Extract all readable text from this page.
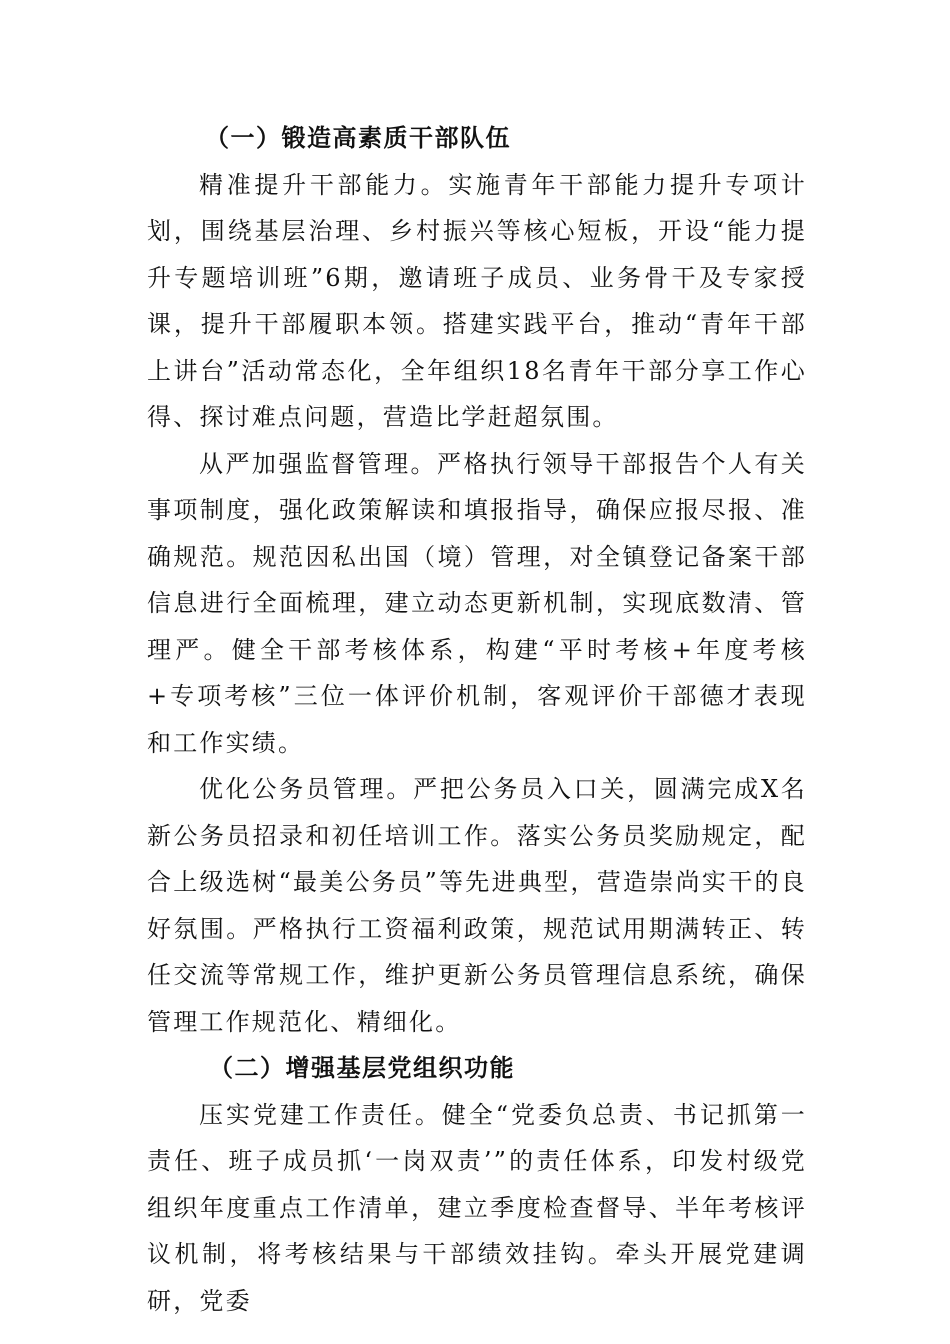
（一）锻造高素质干部队伍

精准提升干部能力。实施青年干部能力提升专项计划，围绕基层治理、乡村振兴等核心短板，开设“能力提升专题培训班”6期，邀请班子成员、业务骨干及专家授课，提升干部履职本领。搭建实践平台，推动“青年干部上讲台”活动常态化，全年组织18名青年干部分享工作心得、探讨难点问题，营造比学赶超氛围。

从严加强监督管理。严格执行领导干部报告个人有关事项制度，强化政策解读和填报指导，确保应报尽报、准确规范。规范因私出国（境）管理，对全镇登记备案干部信息进行全面梳理，建立动态更新机制，实现底数清、管理严。健全干部考核体系，构建“平时考核+年度考核+专项考核”三位一体评价机制，客观评价干部德才表现和工作实绩。

优化公务员管理。严把公务员入口关，圆满完成X名新公务员招录和初任培训工作。落实公务员奖励规定，配合上级选树“最美公务员”等先进典型，营造崇尚实干的良好氛围。严格执行工资福利政策，规范试用期满转正、转任交流等常规工作，维护更新公务员管理信息系统，确保管理工作规范化、精细化。

（二）增强基层党组织功能

压实党建工作责任。健全“党委负总责、书记抓第一责任、班子成员抓‘一岗双责’”的责任体系，印发村级党组织年度重点工作清单，建立季度检查督导、半年考核评议机制，将考核结果与干部绩效挂钩。牵头开展党建调研，党委
